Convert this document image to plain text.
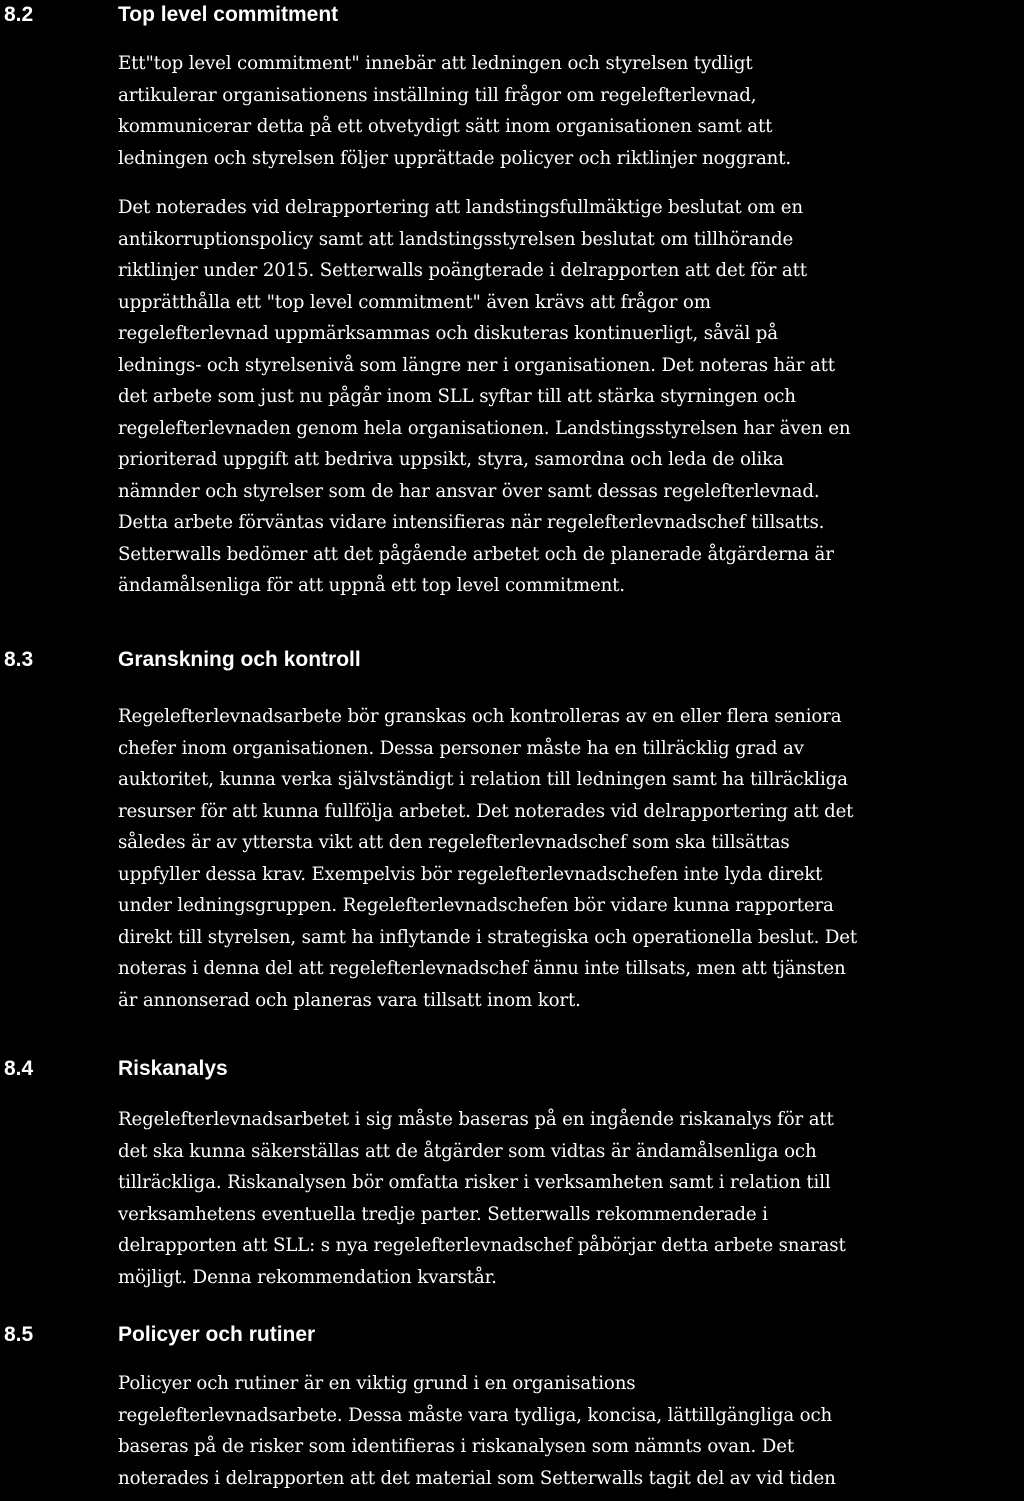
8.2	Top level commitment
Ett"top level commitment" innebär att ledningen och styrelsen tydligt
artikulerar organisationens inställning till frågor om regelefterlevnad,
kommunicerar detta på ett otvetydigt sätt inom organisationen samt att
ledningen och styrelsen följer upprättade policyer och riktlinjer noggrant.
Det noterades vid delrapportering att landstingsfullmäktige beslutat om en
antikorruptionspolicy samt att landstingsstyrelsen beslutat om tillhörande
riktlinjer under 2015. Setterwalls poängterade i delrapporten att det för att
upprätthålla ett "top level commitment" även krävs att frågor om
regelefterlevnad uppmärksammas och diskuteras kontinuerligt, såväl på
lednings- och styrelsenivå som längre ner i organisationen. Det noteras här att
det arbete som just nu pågår inom SLL syftar till att stärka styrningen och
regelefterlevnaden genom hela organisationen. Landstingsstyrelsen har även en
prioriterad uppgift att bedriva uppsikt, styra, samordna och leda de olika
nämnder och styrelser som de har ansvar över samt dessas regelefterlevnad.
Detta arbete förväntas vidare intensifieras när regelefterlevnadschef tillsatts.
Setterwalls bedömer att det pågående arbetet och de planerade åtgärderna är
ändamålsenliga för att uppnå ett top level commitment.
8.3	Granskning och kontroll
Regelefterlevnadsarbete bör granskas och kontrolleras av en eller flera seniora
chefer inom organisationen. Dessa personer måste ha en tillräcklig grad av
auktoritet, kunna verka självständigt i relation till ledningen samt ha tillräckliga
resurser för att kunna fullfölja arbetet. Det noterades vid delrapportering att det
således är av yttersta vikt att den regelefterlevnadschef som ska tillsättas
uppfyller dessa krav. Exempelvis bör regelefterlevnadschefen inte lyda direkt
under ledningsgruppen. Regelefterlevnadschefen bör vidare kunna rapportera
direkt till styrelsen, samt ha inflytande i strategiska och operationella beslut. Det
noteras i denna del att regelefterlevnadschef ännu inte tillsats, men att tjänsten
är annonserad och planeras vara tillsatt inom kort.
8.4	Riskanalys
Regelefterlevnadsarbetet i sig måste baseras på en ingående riskanalys för att
det ska kunna säkerställas att de åtgärder som vidtas är ändamålsenliga och
tillräckliga. Riskanalysen bör omfatta risker i verksamheten samt i relation till
verksamhetens eventuella tredje parter. Setterwalls rekommenderade i
delrapporten att SLL: s nya regelefterlevnadschef påbörjar detta arbete snarast
möjligt. Denna rekommendation kvarstår.
8.5	Policyer och rutiner
Policyer och rutiner är en viktig grund i en organisations
regelefterlevnadsarbete. Dessa måste vara tydliga, koncisa, lättillgängliga och
baseras på de risker som identifieras i riskanalysen som nämnts ovan. Det
noterades i delrapporten att det material som Setterwalls tagit del av vid tiden
